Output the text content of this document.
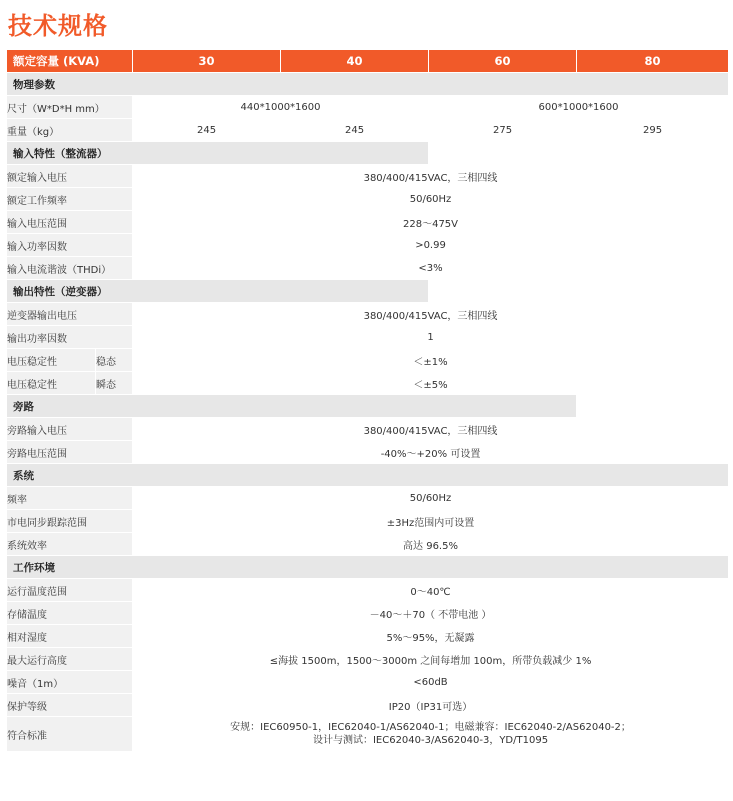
技术规格
额定容量 (KVA)		30	40	60	80
物理参数					
尺寸（W*D*H mm）		440*1000*1600		600*1000*1600	
重量（kg）		245	245	275	295
输入特性（整流器）					
额定输入电压		380/400/415VAC，三相四线			
额定工作频率		50/60Hz			
输入电压范围		228～475V			
输入功率因数		>0.99			
输入电流谐波（THDi）		<3%			
输出特性（逆变器）					
逆变器输出电压		380/400/415VAC，三相四线			
输出功率因数		1			
电压稳定性	稳态	＜±1%			
电压稳定性	瞬态	＜±5%			
旁路					
旁路输入电压		380/400/415VAC，三相四线			
旁路电压范围		-40%～+20% 可设置			
系统					
频率		50/60Hz			
市电同步跟踪范围		±3Hz范围内可设置			
系统效率		高达 96.5%			
工作环境					
运行温度范围		0～40℃			
存储温度		－40～＋70（ 不带电池 ）			
相对湿度		5%～95%，无凝露			
最大运行高度		≤海拔 1500m，1500～3000m 之间每增加 100m，所带负载减少 1%			
噪音（1m）		<60dB			
保护等级		IP20（IP31可选）			
符合标准		安规：IEC60950-1，IEC62040-1/AS62040-1；电磁兼容：IEC62040-2/AS62040-2；
设计与测试：IEC62040-3/AS62040-3，YD/T1095			
